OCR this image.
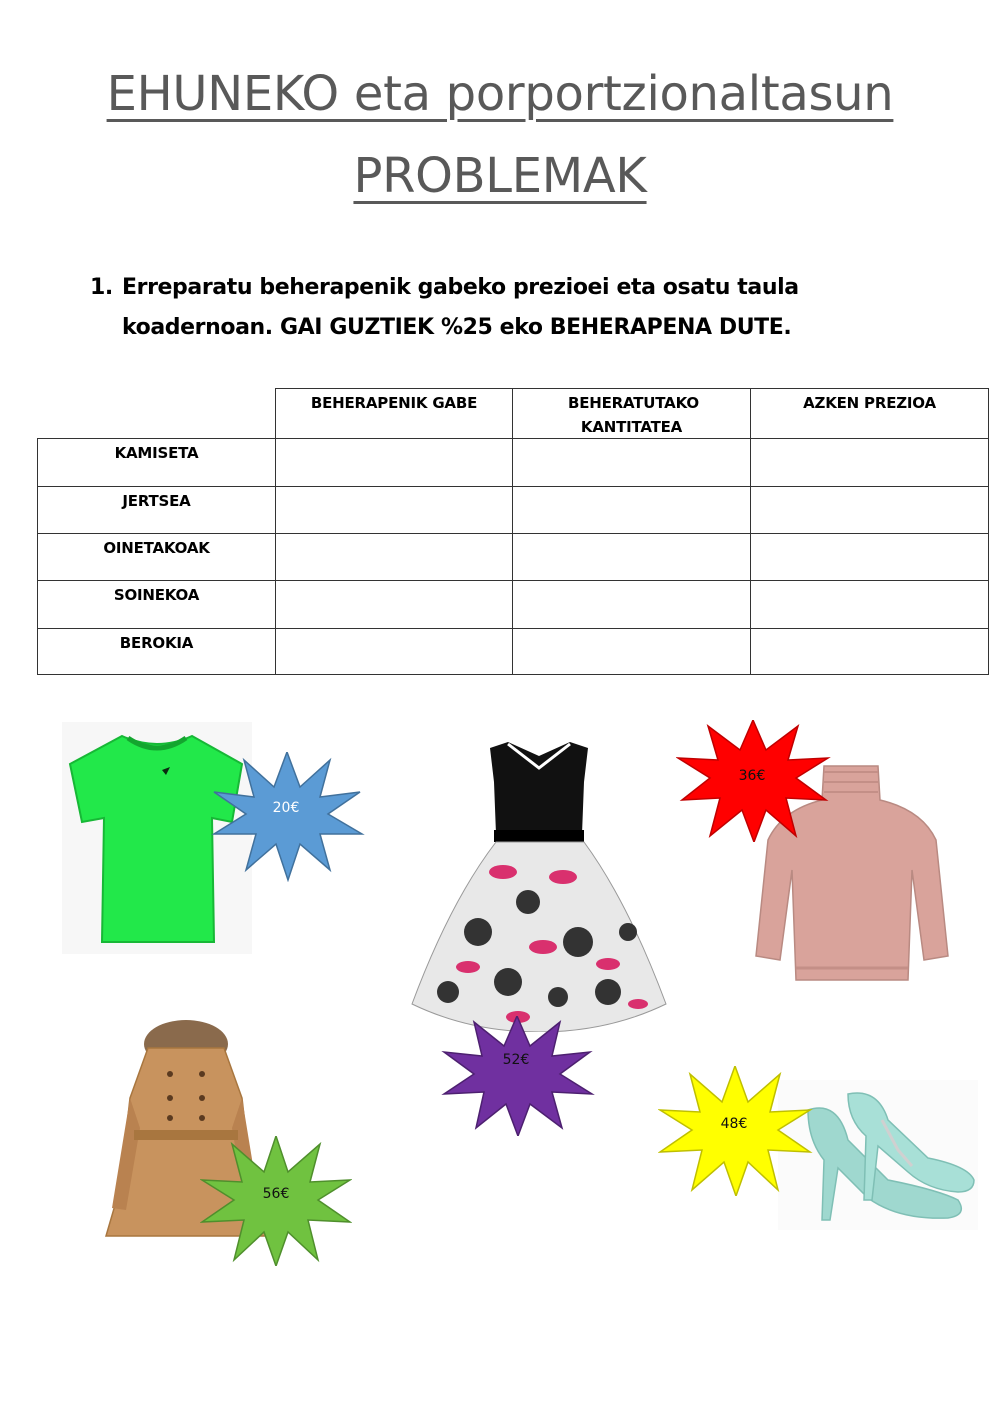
EHUNEKO eta porportzionaltasun
PROBLEMAK
1. Erreparatu beherapenik gabeko prezioei eta osatu taula
koadernoan. GAI GUZTIEK %25 eko BEHERAPENA DUTE.
BEHERAPENIK GABE	BEHERATUTAKO KANTITATEA
AZKEN PREZIOA
KAMISETA
JERTSEA
OINETAKOAK
SOINEKOA
BEROKIA
20€
52€
36€
56€
48€
